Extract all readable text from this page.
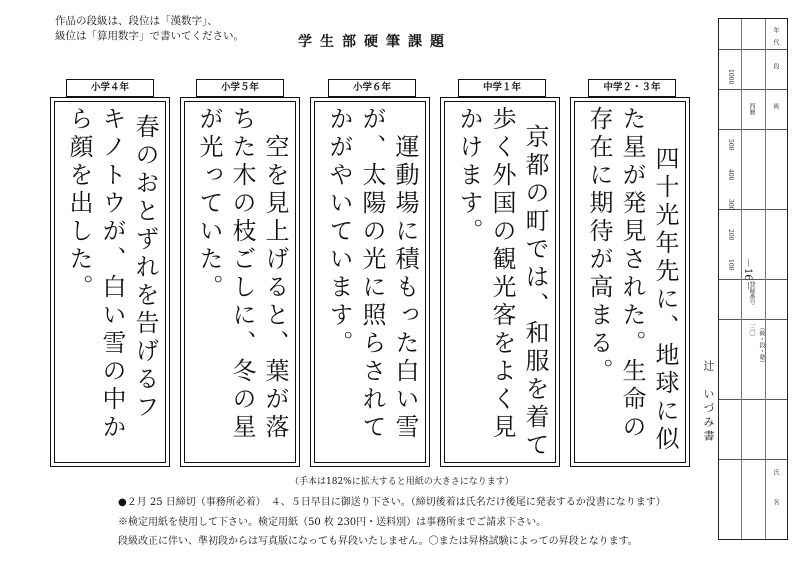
作品の段級は、段位は「漢数字」、
級位は「算用数字」で書いてください。	学生部硬筆課題
小学４年	小学５年	小学６年	中学１年	中学２・３年
春のおとずれを告げるフ
キノトウが、白い雪の中か
ら顔を出した。	空を見上げると、葉が落
ちた木の枝ごしに、冬の星
が光っていた。	運動場に積もった白い雪
が、太陽の光に照らされて
かがやいています。	京都の町では、和服を着て
歩く外国の観光客をよく見
かけます。	四十光年先に、地球に似
た星が発見された。生命の
存在に期待が高まる。
辻　いづみ書
－16－
年
代
段
級
西暦
1000
500
400
300
200
100
登録番号
三〇 （級・段・塾）
氏
名
（手本は182%に拡大すると用紙の大きさになります）
●２月 25 日締切（事務所必着）　４、５日早目に御送り下さい。（締切後着は氏名だけ後尾に発表するか没書になります）
※検定用紙を使用して下さい。検定用紙（50 枚 230円・送料別）は事務所までご請求下さい。
段級改正に伴い、準初段からは写真版になっても昇段いたしません。〇または昇格試験によっての昇段となります。
